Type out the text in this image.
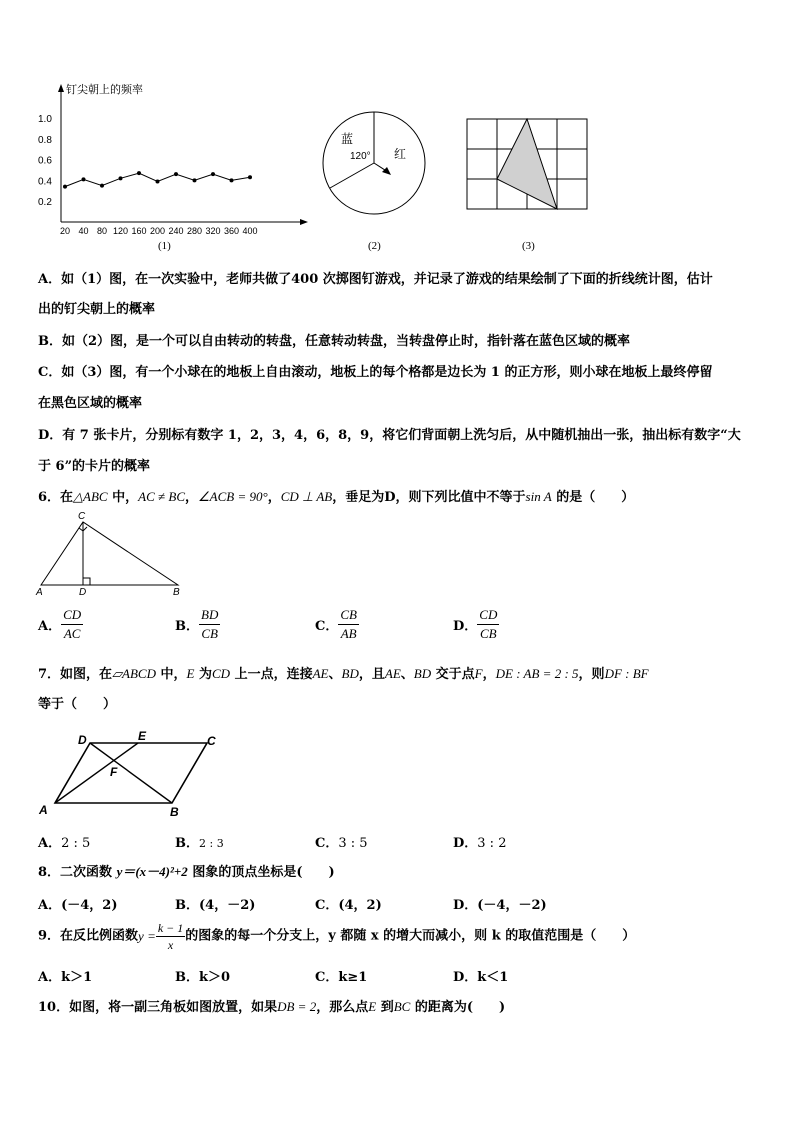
钉尖朝上的频率
1.0
0.8
0.6
0.4
0.2
20 40 80 120 160 200 240 280 320 360 400
(1)
蓝
120° 红
(2)	(3)
A．如（1）图，在一次实验中，老师共做了400 次掷图钉游戏，并记录了游戏的结果绘制了下面的折线统计图，估计
出的钉尖朝上的概率
B．如（2）图，是一个可以自由转动的转盘，任意转动转盘，当转盘停止时，指针落在蓝色区域的概率
C．如（3）图，有一个小球在的地板上自由滚动，地板上的每个格都是边长为 1 的正方形，则小球在地板上最终停留
在黑色区域的概率
D．有 7 张卡片，分别标有数字 1，2，3，4，6，8，9，将它们背面朝上洗匀后，从中随机抽出一张，抽出标有数字“大
于 6”的卡片的概率
6．在△ABC 中，AC ≠ BC，∠ACB = 90°，CD ⊥ AB，垂足为D，则下列比值中不等于sin A 的是（　　）
C
A	D	B
A． $\frac{CD}{AC}$	B． $\frac{BD}{CB}$	C． $\frac{CB}{AB}$	D． $\frac{CD}{CB}$
7．如图，在▱ABCD 中，E 为CD 上一点，连接AE、BD，且AE、BD 交于点F，DE : AB = 2 : 5，则DF : BF
等于（　　）
D	E	C
F
A	B
A．2 : 5	B．2 : 3	C．3 : 5	D．3 : 2
8．二次函数 y＝(x－4)²+2 图象的顶点坐标是(　　)
A．(－4，2)	B．(4，－2)	C．(4，2)	D．(－4，－2)
9．在反比例函数$y = \frac{k - 1}{x}$ 的图象的每一个分支上，y 都随 x 的增大而减小，则 k 的取值范围是（　　）
A．k＞1	B．k＞0	C．k≥1	D．k＜1
10．如图，将一副三角板如图放置，如果DB = 2，那么点E 到BC 的距离为(　　)
